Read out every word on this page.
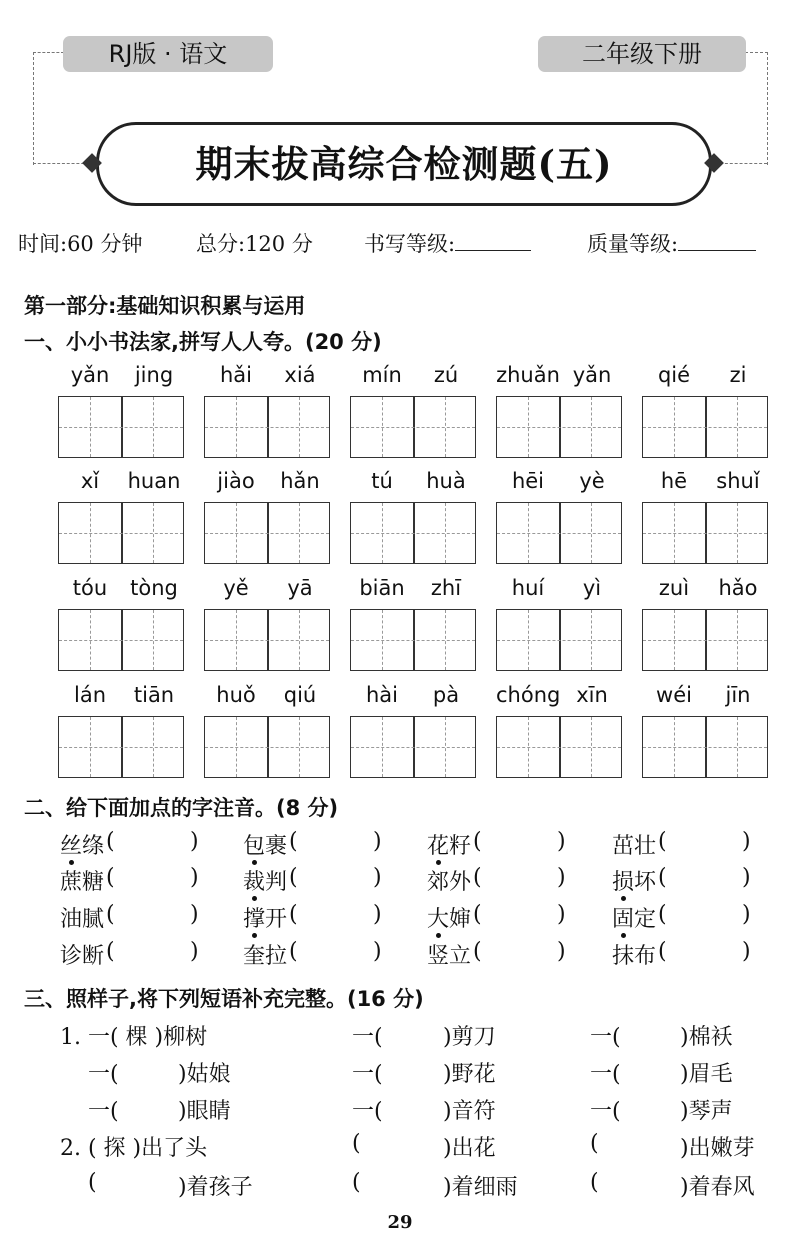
RJ版 · 语文	二年级下册
期末拔高综合检测题(五)
时间:60 分钟	总分:120 分 书写等级:	质量等级:
第一部分:基础知识积累与运用
一、小小书法家,拼写人人夸。(20 分)
yǎn	jing	hǎi	xiá	mín	zú	zhuǎn yǎn	qié	zi
xǐ	huan	jiào	hǎn	tú	huà	hēi	yè	hē	shuǐ
tóu	tòng	yě	yā	biān	zhī	huí	yì	zuì	hǎo
lán	tiān	huǒ	qiú	hài	pà	chóng xīn	wéi	jīn
二、给下面加点的字注音。(8 分)
丝绦 (	) 包裹 (	) 花籽 (	) 茁壮 (	)
蔗糖 (	) 裁判 (	) 郊外 (	) 损坏 (	)
油腻 (	) 撑开 (	) 大婶 (	) 固定 (	)
诊断 (	) 奎拉 (	) 竖立 (	) 抹布 (	)
三、照样子,将下列短语补充完整。(16 分)
1. 一( 棵 )柳树	一(	)剪刀	一(	)棉袄
一(	)姑娘	一(	)野花	一(	)眉毛
一(	)眼睛	一(	)音符	一(	)琴声
2. ( 探 )出了头	(	)出花	(	)出嫩芽
(	)着孩子	(	)着细雨	(	)着春风
29
